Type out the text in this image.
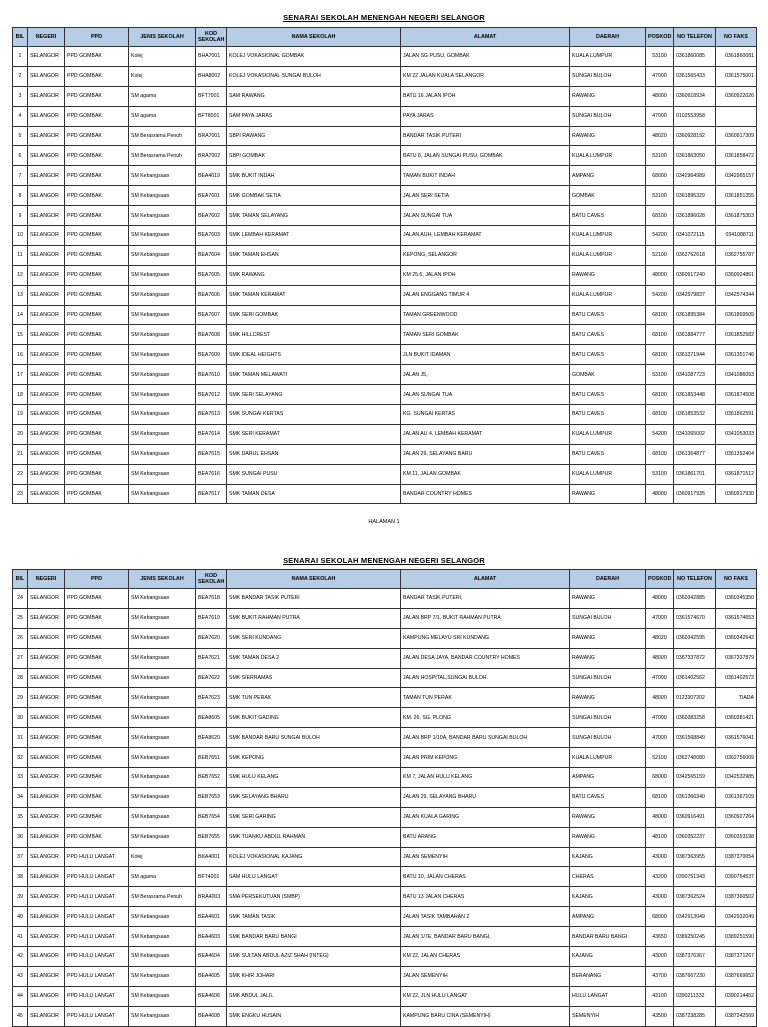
SENARAI SEKOLAH MENENGAH NEGERI SELANGOR
BIL	NEGERI	PPD	JENIS SEKOLAH	KOD SEKOLAH	NAMA SEKOLAH	ALAMAT	DAERAH	POSKOD	NO TELEFON	NO FAKS
1	SELANGOR	PPD GOMBAK	Kolej	BHA7001	KOLEJ VOKASIONAL GOMBAK	JALAN SG PUSU, GOMBAK	KUALA LUMPUR	53100	0361860085	0361860081
2	SELANGOR	PPD GOMBAK	Kolej	BHA8002	KOLEJ VOKASIONAL SUNGAI BULOH	KM 22 JALAN KUALA SELANGOR	SUNGAI BULOH	47000	0361565433	0361575001
3	SELANGOR	PPD GOMBAK	SM agama	BFT7001	SAM RAWANG	BATU 16 JALAN IPOH	RAWANG	48000	0360918934	0360922026
4	SELANGOR	PPD GOMBAK	SM agama	BFT8001	SAM PAYA JARAS	PAYA JARAS	SUNGAI BULOH	47000	0102553958	
5	SELANGOR	PPD GOMBAK	SM Berasrama Penuh	BRA7001	SBPI RAWANG	BANDAR TASIK PUTERI	RAWANG	48020	0360928192	0360917309
6	SELANGOR	PPD GOMBAK	SM Berasrama Penuh	BRA7002	SBPI GOMBAK	BATU 8, JALAN SUNGAI PUSU, GOMBAK	KUALA LUMPUR	53100	0361863050	0361858472
7	SELANGOR	PPD GOMBAK	SM Kebangsaan	BEA4619	SMK BUKIT INDAH	TAMAN BUKIT INDAH	AMPANG	68000	0342964989	0342965157
8	SELANGOR	PPD GOMBAK	SM Kebangsaan	BEA7601	SMK GOMBAK SETIA	JALAN SERI SETIA	GOMBAK	53100	0361896329	0361851355
9	SELANGOR	PPD GOMBAK	SM Kebangsaan	BEA7602	SMK TAMAN SELAYANG	JALAN SUNGAI TUA	BATU CAVES	68100	0361896028	0361875303
10	SELANGOR	PPD GOMBAK	SM Kebangsaan	BEA7603	SMK LEMBAH KERAMAT	JALAN AUH, LEMBAH KERAMAT	KUALA LUMPUR	54200	0341072115	0341088711
11	SELANGOR	PPD GOMBAK	SM Kebangsaan	BEA7604	SMK TAMAN EHSAN	KEPONG, SELANGOR	KUALA LUMPUR	52100	0362762618	0362755787
12	SELANGOR	PPD GOMBAK	SM Kebangsaan	BEA7605	SMK RAWANG	KM 25.6, JALAN IPOH	RAWANG	48000	0360917240	0360924861
13	SELANGOR	PPD GOMBAK	SM Kebangsaan	BEA7606	SMK TAMAN KERAMAT	JALAN ENGGANG TIMUR 4	KUALA LUMPUR	54200	0342579837	0342574344
14	SELANGOR	PPD GOMBAK	SM Kebangsaan	BEA7607	SMK SERI GOMBAK	TAMAN GREENWOOD	BATU CAVES	68100	0361895384	0361869505
15	SELANGOR	PPD GOMBAK	SM Kebangsaan	BEA7608	SMK HILLCREST	TAMAN SERI GOMBAK	BATU CAVES	68100	0361884777	0361852582
16	SELANGOR	PPD GOMBAK	SM Kebangsaan	BEA7609	SMK IDEAL HEIGHTS	JLN BUKIT IDAMAN	BATU CAVES	68100	0361371944	0361351746
17	SELANGOR	PPD GOMBAK	SM Kebangsaan	BEA7610	SMK TAMAN MELAWATI	JALAN J5,	GOMBAK	53100	0341087723	0341086093
18	SELANGOR	PPD GOMBAK	SM Kebangsaan	BEA7612	SMK SERI SELAYANG	JALAN SUNGAI TUA	BATU CAVES	68100	0361853448	0361874508
19	SELANGOR	PPD GOMBAK	SM Kebangsaan	BEA7613	SMK SUNGAI KERTAS	KG. SUNGAI KERTAS	BATU CAVES	68100	0361853532	0361862591
20	SELANGOR	PPD GOMBAK	SM Kebangsaan	BEA7614	SMK SERI KERAMAT	JALAN AU 4, LEMBAH KERAMAT	KUALA LUMPUR	54200	0341065002	0341053033
21	SELANGOR	PPD GOMBAK	SM Kebangsaan	BEA7615	SMK DARUL EHSAN	JALAN 29, SELAYANG BARU	BATU CAVES	68100	0361364877	0361352404
22	SELANGOR	PPD GOMBAK	SM Kebangsaan	BEA7616	SMK SUNGAI PUSU	KM 11, JALAN GOMBAK	KUALA LUMPUR	53100	0361861701	0361871512
23	SELANGOR	PPD GOMBAK	SM Kebangsaan	BEA7617	SMK TAMAN DESA	BANDAR COUNTRY HOMES	RAWANG	48000	0360917935	0360917930
HALAMAN 1
SENARAI SEKOLAH MENENGAH NEGERI SELANGOR
BIL	NEGERI	PPD	JENIS SEKOLAH	KOD SEKOLAH	NAMA SEKOLAH	ALAMAT	DAERAH	POSKOD	NO TELEFON	NO FAKS
24	SELANGOR	PPD GOMBAK	SM Kebangsaan	BEA7618	SMK BANDAR TASIK PUTERI	BANDAR TASIK PUTERI,	RAWANG	48000	0360342885	0360345350
25	SELANGOR	PPD GOMBAK	SM Kebangsaan	BEA7619	SMK BUKIT RAHMAN PUTRA	JALAN BRP 7/1, BUKIT RAHMAN PUTRA	SUNGAI BULOH	47000	0361574670	0361574653
26	SELANGOR	PPD GOMBAK	SM Kebangsaan	BEA7620	SMK SERI KUNDANG	KAMPUNG MELAYU SRI KUNDANG	RAWANG	48020	0360342595	0360342642
27	SELANGOR	PPD GOMBAK	SM Kebangsaan	BEA7621	SMK TAMAN DESA 2	JALAN DESA JAYA, BANDAR COUNTRY HOMES	RAWANG	48000	0367337872	0367337879
28	SELANGOR	PPD GOMBAK	SM Kebangsaan	BEA7622	SMK SIERRAMAS	JALAN HOSPITAL,SUNGAI BULOH.	SUNGAI BULOH	47000	0361402562	0361402572
29	SELANGOR	PPD GOMBAK	SM Kebangsaan	BEA7623	SMK TUN PERAK	TAMAN TUN PERAK	RAWANG	48000	0123307202	TIADA
30	SELANGOR	PPD GOMBAK	SM Kebangsaan	BEA8605	SMK BUKIT GADING	KM. 26, SG. PLONG	SUNGAI BULOH	47000	0360383258	0360381421
31	SELANGOR	PPD GOMBAK	SM Kebangsaan	BEA8620	SMK BANDAR BARU SUNGAI BULOH	JALAN BRP 1/10A, BANDAR BARU SUNGAI BULOH	SUNGAI BULOH	47000	0361568849	0361576041
32	SELANGOR	PPD GOMBAK	SM Kebangsaan	BEB7651	SMK KEPONG	JALAN PRIM KEPONG	KUALA LUMPUR	52100	0362740080	0362756009
33	SELANGOR	PPD GOMBAK	SM Kebangsaan	BEB7652	SMK HULU KELANG	KM 7, JALAN HULU KELANG	AMPANG	68000	0342565159	0342532985
34	SELANGOR	PPD GOMBAK	SM Kebangsaan	BEB7653	SMK SELAYANG BHARU	JALAN 29, SELAYANG BHARU	BATU CAVES	68100	0361366340	0361367109
35	SELANGOR	PPD GOMBAK	SM Kebangsaan	BEB7654	SMK SERI GARING	JALAN KUALA GARING	RAWANG	48000	0360916491	0360927264
36	SELANGOR	PPD GOMBAK	SM Kebangsaan	BEB7655	SMK TUANKU ABDUL RAHMAN	BATU ARANG	RAWANG	48100	0360352237	0360353198
37	SELANGOR	PPD HULU LANGAT	Kolej	BKA4001	KOLEJ VOKASIONAL KAJANG	JALAN SEMENYIH	KAJANG	43000	0387363955	0387370054
38	SELANGOR	PPD HULU LANGAT	SM agama	BFT4001	SAM HULU LANGAT	BATU 10, JALAN CHERAS	CHERAS	43200	0390751343	0390754537
39	SELANGOR	PPD HULU LANGAT	SM Berasrama Penuh	BRA4003	SMA PERSEKUTUAN (SMBP)	BATU 13 JALAN CHERAS	KAJANG	43000	0387362524	0387360502
40	SELANGOR	PPD HULU LANGAT	SM Kebangsaan	BEA4601	SMK TAMAN TASIK	JALAN TASIK TAMBAHAN 2	AMPANG	68000	0342913049	0342932049
41	SELANGOR	PPD HULU LANGAT	SM Kebangsaan	BEA4603	SMK BANDAR BARU BANGI	JALAN 1/7E, BANDAR BARU BANGI,	BANDAR BARU BANGI	43650	0389250245	0389251590
42	SELANGOR	PPD HULU LANGAT	SM Kebangsaan	BEA4604	SMK SULTAN ABDUL AZIZ SHAH (INTEG)	KM 22, JALAN CHERAS	KAJANG	43000	0387376367	0387371267
43	SELANGOR	PPD HULU LANGAT	SM Kebangsaan	BEA4605	SMK KHIR JOHARI	JALAN SEMENYIH	BERANANG	43700	0387667230	0387669652
44	SELANGOR	PPD HULU LANGAT	SM Kebangsaan	BEA4606	SMK ABDUL JALIL	KM 22, JLN HULU LANGAT	HULU LANGAT	43100	0390211332	0390214452
45	SELANGOR	PPD HULU LANGAT	SM Kebangsaan	BEA4608	SMK ENGKU HUSAIN	KAMPUNG BARU CINA (SEMENYIH)	SEMENYIH	43500	0387238285	0387242569
